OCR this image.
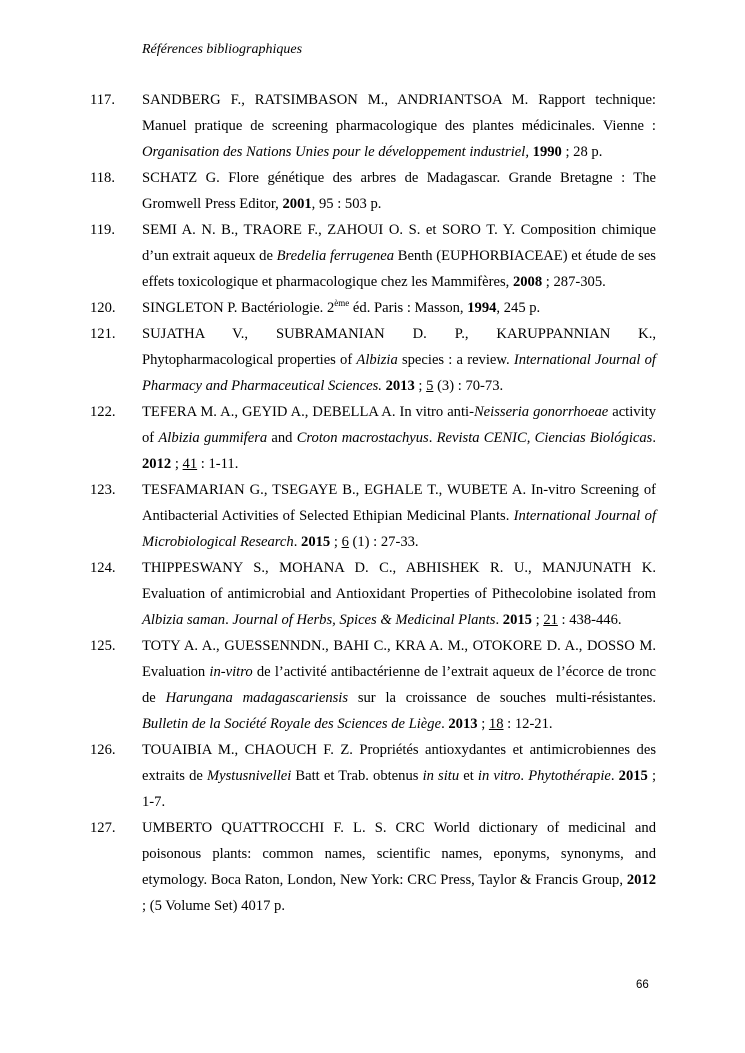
Références bibliographiques
117.	SANDBERG F., RATSIMBASON M., ANDRIANTSOA M. Rapport technique: Manuel pratique de screening pharmacologique des plantes médicinales. Vienne : Organisation des Nations Unies pour le développement industriel, 1990 ; 28 p.
118.	SCHATZ G. Flore génétique des arbres de Madagascar. Grande Bretagne : The Gromwell Press Editor, 2001, 95 : 503 p.
119.	SEMI A. N. B., TRAORE F., ZAHOUI O. S. et SORO T. Y. Composition chimique d’un extrait aqueux de Bredelia ferrugenea Benth (EUPHORBIACEAE) et étude de ses effets toxicologique et pharmacologique chez les Mammifères, 2008 ; 287-305.
120.	SINGLETON P. Bactériologie. 2ème éd. Paris : Masson, 1994, 245 p.
121.	SUJATHA V., SUBRAMANIAN D. P., KARUPPANNIAN K.,
Phytopharmacological properties of Albizia species : a review. International Journal of Pharmacy and Pharmaceutical Sciences. 2013 ; 5 (3) : 70-73.
122.	TEFERA M. A., GEYID A., DEBELLA A. In vitro anti-Neisseria gonorrhoeae activity of Albizia gummifera and Croton macrostachyus. Revista CENIC, Ciencias Biológicas. 2012 ; 41 : 1-11.
123.	TESFAMARIAN G., TSEGAYE B., EGHALE T., WUBETE A. In-vitro Screening of Antibacterial Activities of Selected Ethipian Medicinal Plants. International Journal of Microbiological Research. 2015 ; 6 (1) : 27-33.
124.	THIPPESWANY S., MOHANA D. C., ABHISHEK R. U., MANJUNATH K. Evaluation of antimicrobial and Antioxidant Properties of Pithecolobine isolated from Albizia saman. Journal of Herbs, Spices & Medicinal Plants. 2015 ; 21 : 438-446.
125.	TOTY A. A., GUESSENNDN., BAHI C., KRA A. M., OTOKORE D. A., DOSSO M. Evaluation in-vitro de l’activité antibactérienne de l’extrait aqueux de l’écorce de tronc de Harungana madagascariensis sur la croissance de souches multi-résistantes. Bulletin de la Société Royale des Sciences de Liège. 2013 ; 18 : 12-21.
126.	TOUAIBIA M., CHAOUCH F. Z. Propriétés antioxydantes et antimicrobiennes des extraits de Mystusnivellei Batt et Trab. obtenus in situ et in vitro. Phytothérapie. 2015 ; 1-7.
127.	UMBERTO QUATTROCCHI F. L. S. CRC World dictionary of medicinal and poisonous plants: common names, scientific names, eponyms, synonyms, and etymology. Boca Raton, London, New York: CRC Press, Taylor & Francis Group, 2012 ; (5 Volume Set) 4017 p.
66
